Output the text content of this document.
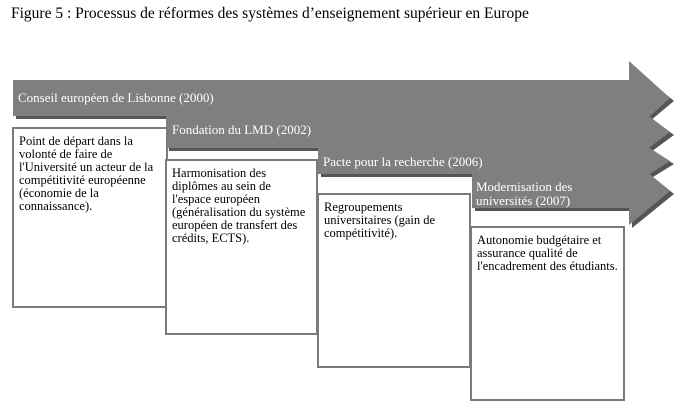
Figure 5 : Processus de réformes des systèmes d’enseignement supérieur en Europe
Conseil européen de Lisbonne (2000)
Fondation du LMD (2002)
Pacte pour la recherche (2006)
Modernisation des universités (2007)
Point de départ dans la volonté de faire de l'Université un acteur de la compétitivité européenne (économie de la connaissance).
Harmonisation des diplômes au sein de l'espace européen (généralisation du système européen de transfert des crédits, ECTS).
Regroupements universitaires (gain de compétitivité).	Autonomie budgétaire et assurance qualité de l'encadrement des étudiants.
